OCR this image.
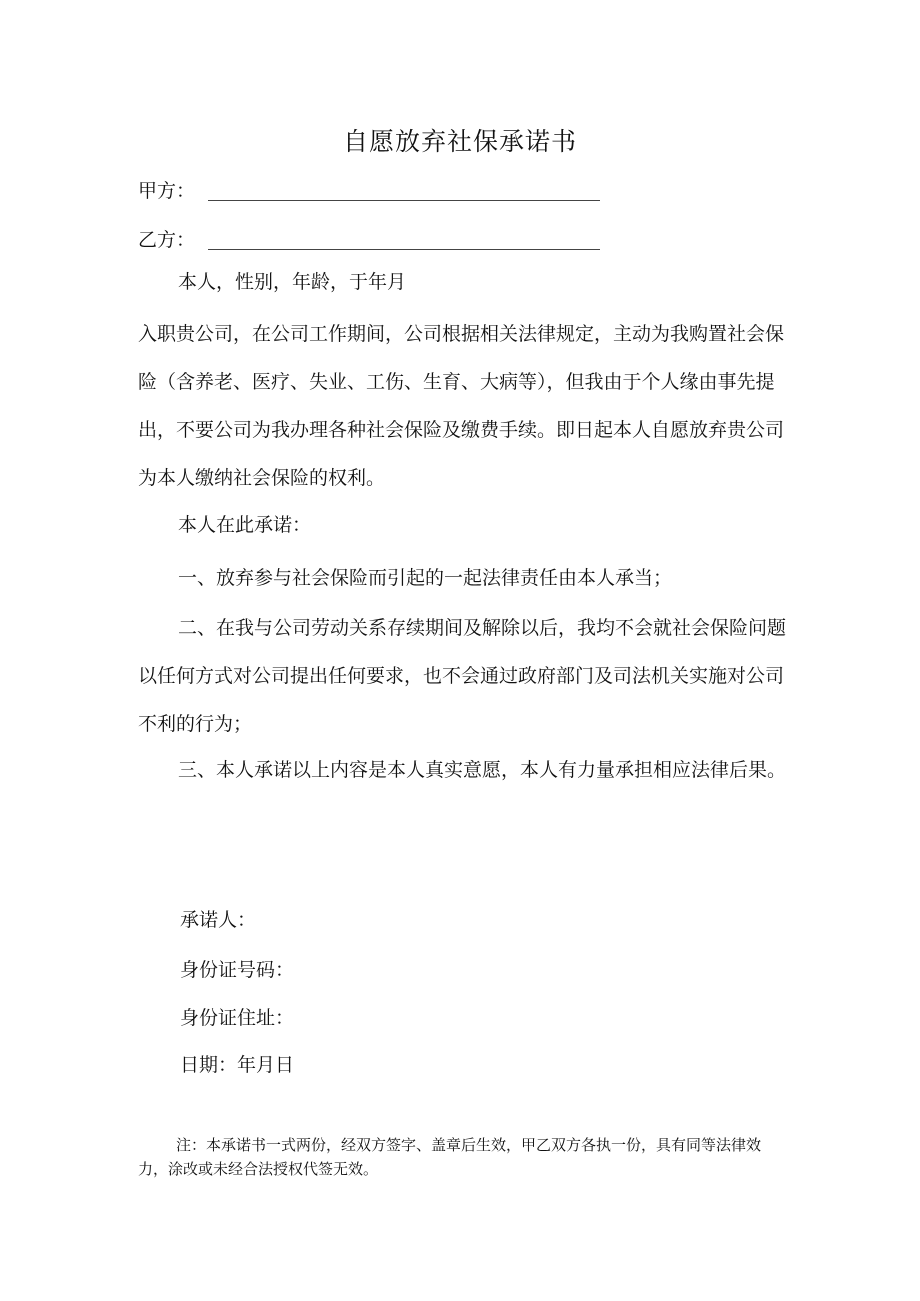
自愿放弃社保承诺书
甲方：
乙方：
本人，性别，年龄，于年月
入职贵公司，在公司工作期间，公司根据相关法律规定，主动为我购置社会保险（含养老、医疗、失业、工伤、生育、大病等），但我由于个人缘由事先提出，不要公司为我办理各种社会保险及缴费手续。即日起本人自愿放弃贵公司为本人缴纳社会保险的权利。
本人在此承诺：
一、放弃参与社会保险而引起的一起法律责任由本人承当；
二、在我与公司劳动关系存续期间及解除以后，我均不会就社会保险问题以任何方式对公司提出任何要求，也不会通过政府部门及司法机关实施对公司不利的行为；
三、本人承诺以上内容是本人真实意愿，本人有力量承担相应法律后果。
承诺人：
身份证号码：
身份证住址：
日期：年月日
注：本承诺书一式两份，经双方签字、盖章后生效，甲乙双方各执一份，具有同等法律效力，涂改或未经合法授权代签无效。
